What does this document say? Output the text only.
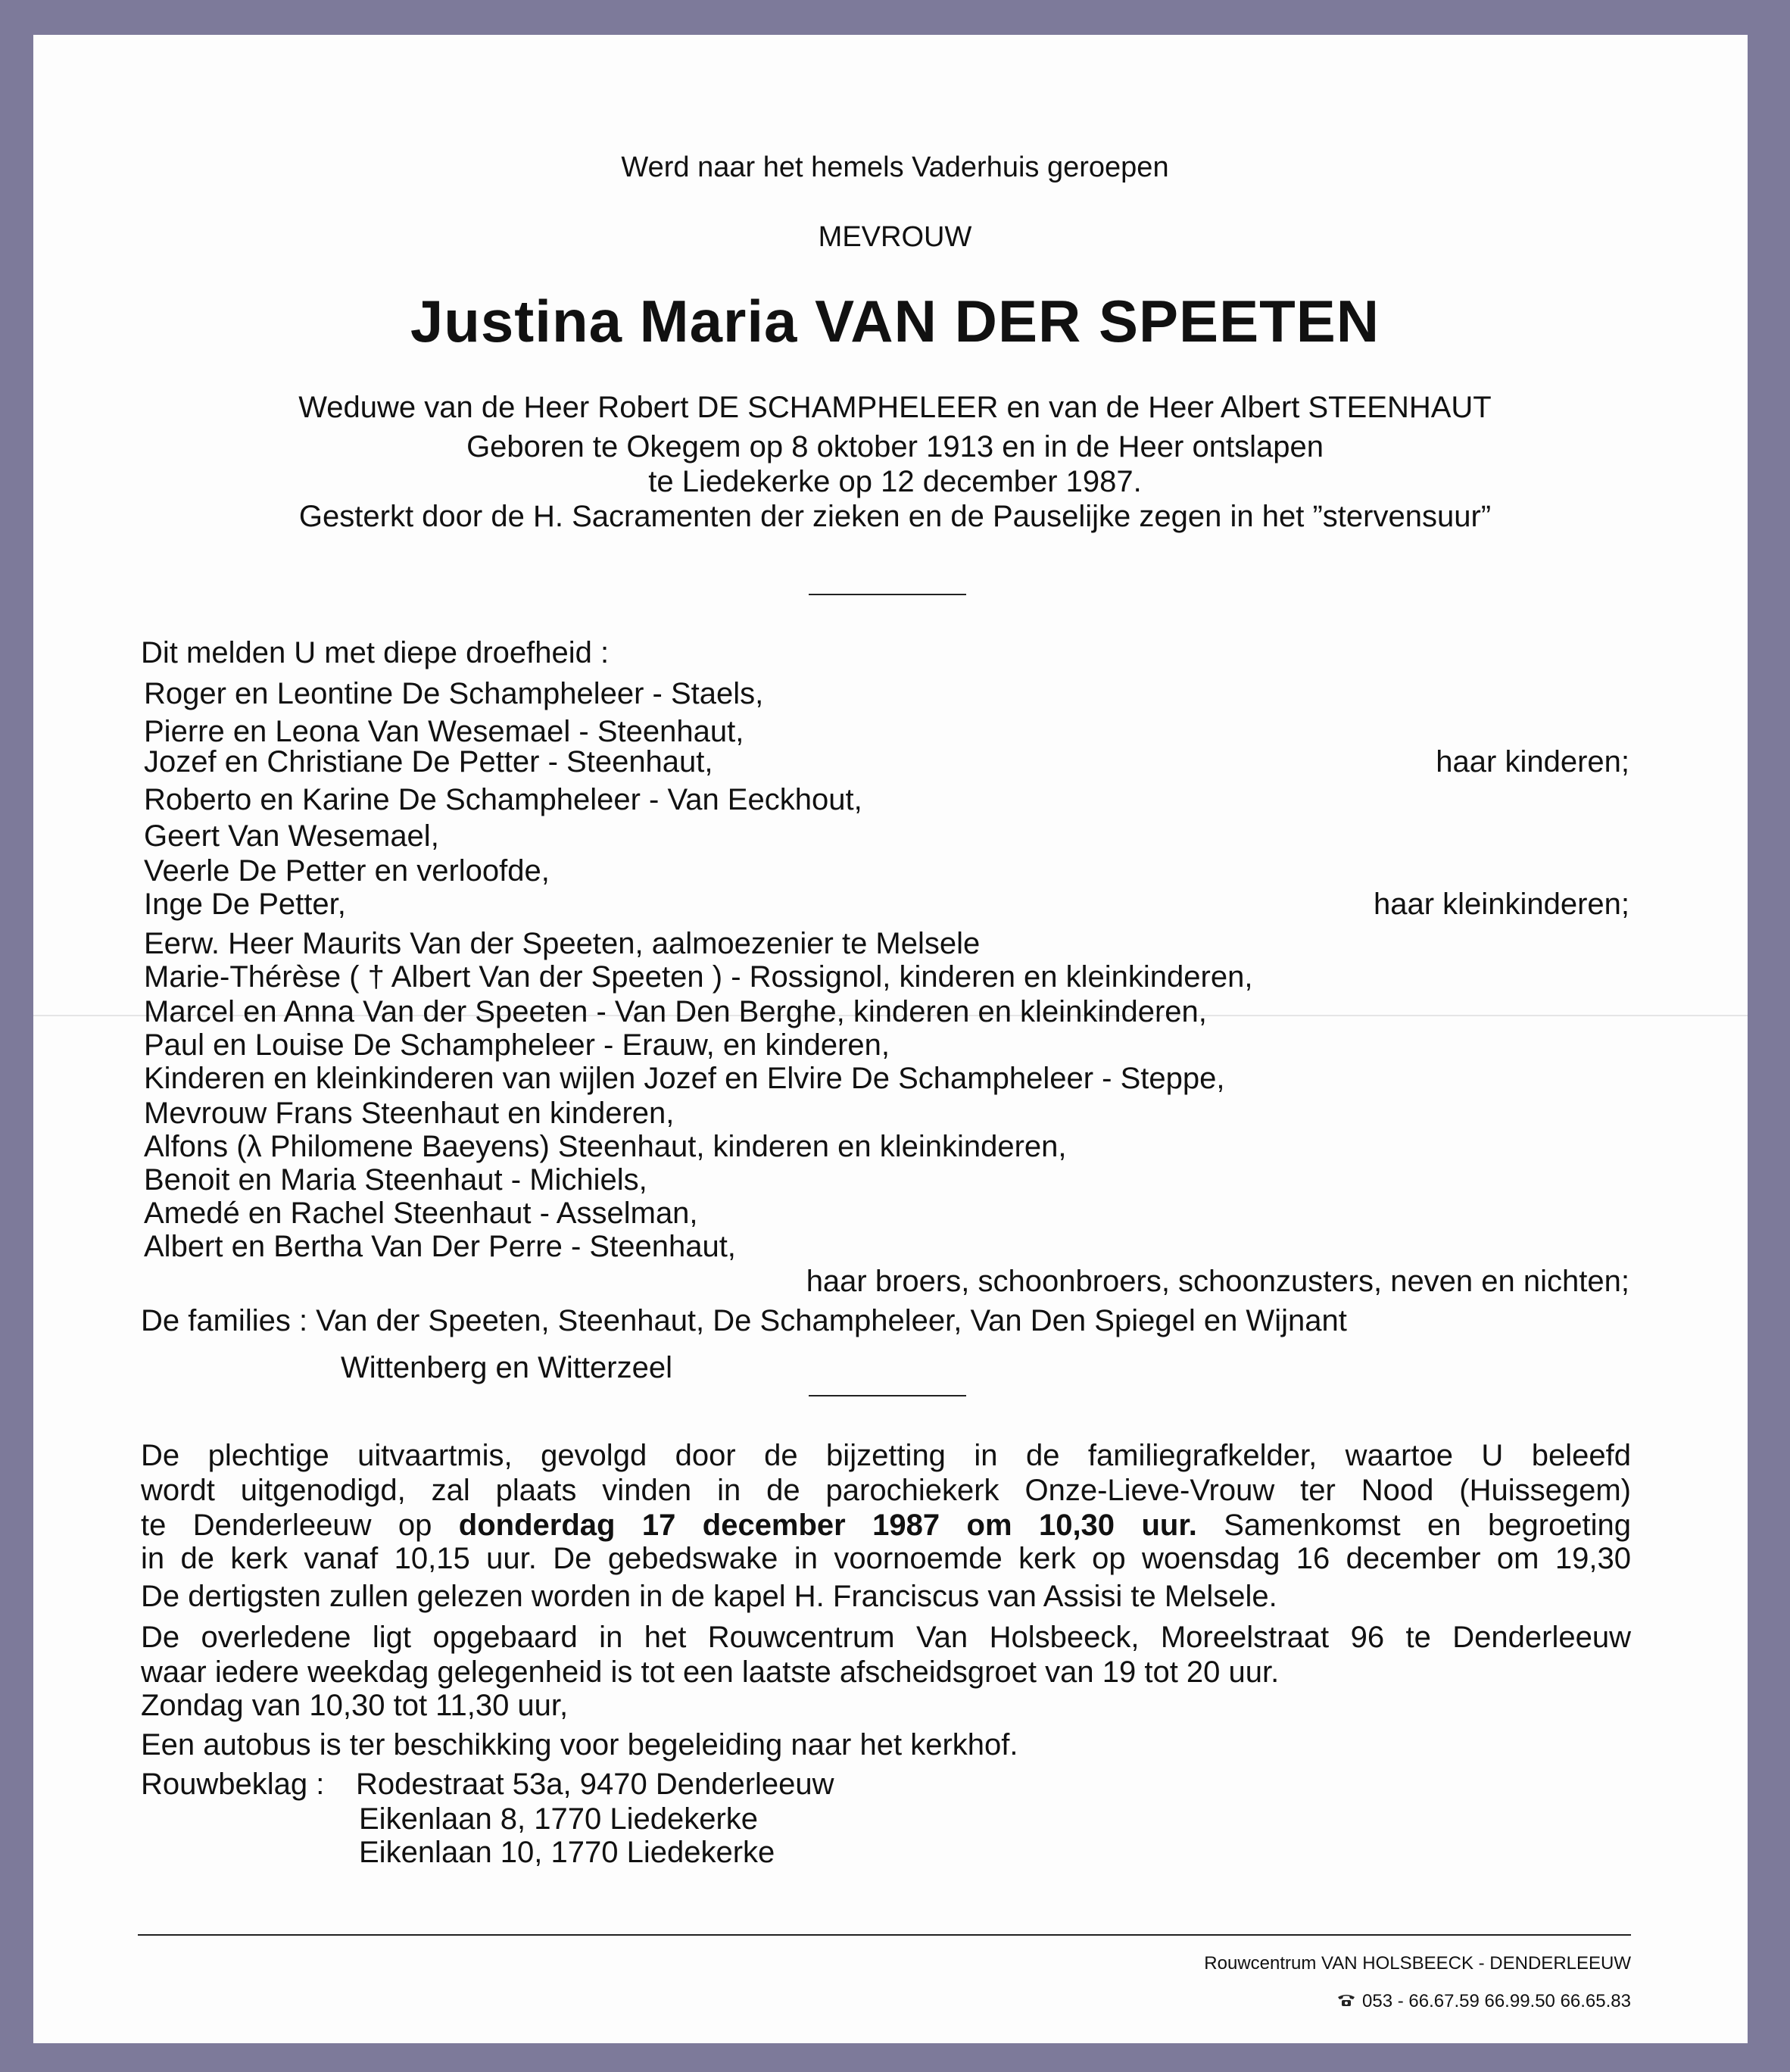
Werd naar het hemels Vaderhuis geroepen
MEVROUW
Justina Maria VAN DER SPEETEN
Weduwe van de Heer Robert DE SCHAMPHELEER en van de Heer Albert STEENHAUT
Geboren te Okegem op 8 oktober 1913 en in de Heer ontslapen
te Liedekerke op 12 december 1987.
Gesterkt door de H. Sacramenten der zieken en de Pauselijke zegen in het ”stervensuur”
Dit melden U met diepe droefheid :
Roger en Leontine De Schampheleer - Staels,
Pierre en Leona Van Wesemael - Steenhaut,
Jozef en Christiane De Petter - Steenhaut,	haar kinderen;
Roberto en Karine De Schampheleer - Van Eeckhout,
Geert Van Wesemael,
Veerle De Petter en verloofde,
Inge De Petter,	haar kleinkinderen;
Eerw. Heer Maurits Van der Speeten, aalmoezenier te Melsele
Marie-Thérèse ( † Albert Van der Speeten ) - Rossignol, kinderen en kleinkinderen,
Marcel en Anna Van der Speeten - Van Den Berghe, kinderen en kleinkinderen,
Paul en Louise De Schampheleer - Erauw, en kinderen,
Kinderen en kleinkinderen van wijlen Jozef en Elvire De Schampheleer - Steppe,
Mevrouw Frans Steenhaut en kinderen,
Alfons (λ Philomene Baeyens) Steenhaut, kinderen en kleinkinderen,
Benoit en Maria Steenhaut - Michiels,
Amedé en Rachel Steenhaut - Asselman,
Albert en Bertha Van Der Perre - Steenhaut,
haar broers, schoonbroers, schoonzusters, neven en nichten;
De families : Van der Speeten, Steenhaut, De Schampheleer, Van Den Spiegel en Wijnant
Wittenberg en Witterzeel
De plechtige uitvaartmis, gevolgd door de bijzetting in de familiegrafkelder, waartoe U beleefd
wordt uitgenodigd, zal plaats vinden in de parochiekerk Onze-Lieve-Vrouw ter Nood (Huissegem)
te Denderleeuw op donderdag 17 december 1987 om 10,30 uur. Samenkomst en begroeting
in de kerk vanaf 10,15 uur. De gebedswake in voornoemde kerk op woensdag 16 december om 19,30
De dertigsten zullen gelezen worden in de kapel H. Franciscus van Assisi te Melsele.
De overledene ligt opgebaard in het Rouwcentrum Van Holsbeeck, Moreelstraat 96 te Denderleeuw
waar iedere weekdag gelegenheid is tot een laatste afscheidsgroet van 19 tot 20 uur.
Zondag van 10,30 tot 11,30 uur,
Een autobus is ter beschikking voor begeleiding naar het kerkhof.
Rouwbeklag : Rodestraat 53a, 9470 Denderleeuw
Eikenlaan 8, 1770 Liedekerke
Eikenlaan 10, 1770 Liedekerke
Rouwcentrum VAN HOLSBEECK - DENDERLEEUW
053 - 66.67.59 66.99.50 66.65.83
